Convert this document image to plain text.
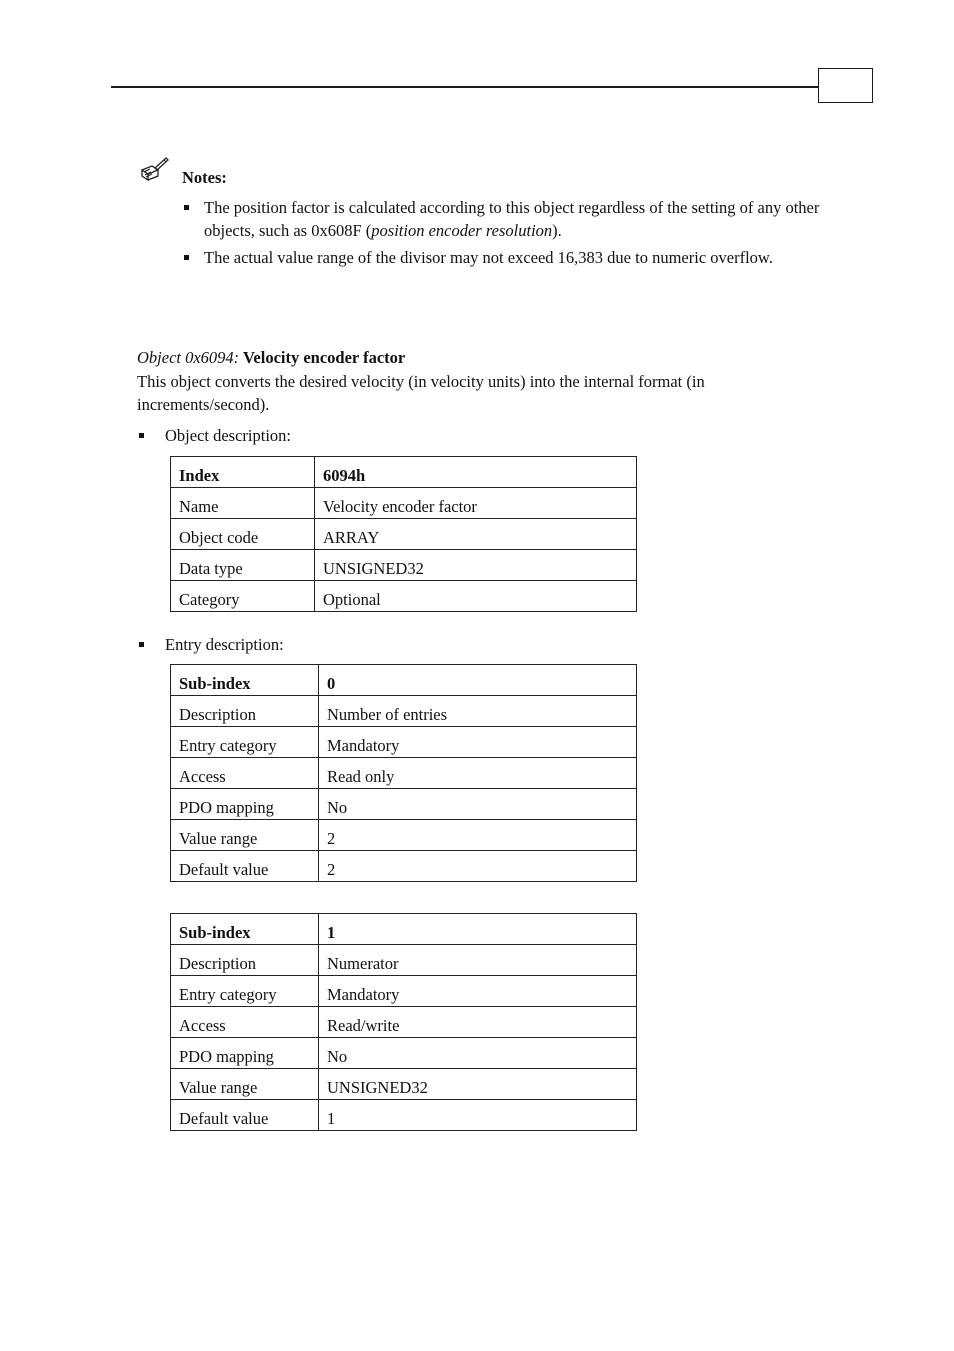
Notes:
The position factor is calculated according to this object regardless of the setting of any other objects, such as 0x608F (position encoder resolution).
The actual value range of the divisor may not exceed 16,383 due to numeric overflow.
Object 0x6094: Velocity encoder factor
This object converts the desired velocity (in velocity units) into the internal format (in increments/second).
Object description:
Index	6094h
Name	Velocity encoder factor
Object code	ARRAY
Data type	UNSIGNED32
Category	Optional
Entry description:
Sub-index	0
Description	Number of entries
Entry category	Mandatory
Access	Read only
PDO mapping	No
Value range	2
Default value	2
Sub-index	1
Description	Numerator
Entry category	Mandatory
Access	Read/write
PDO mapping	No
Value range	UNSIGNED32
Default value	1
